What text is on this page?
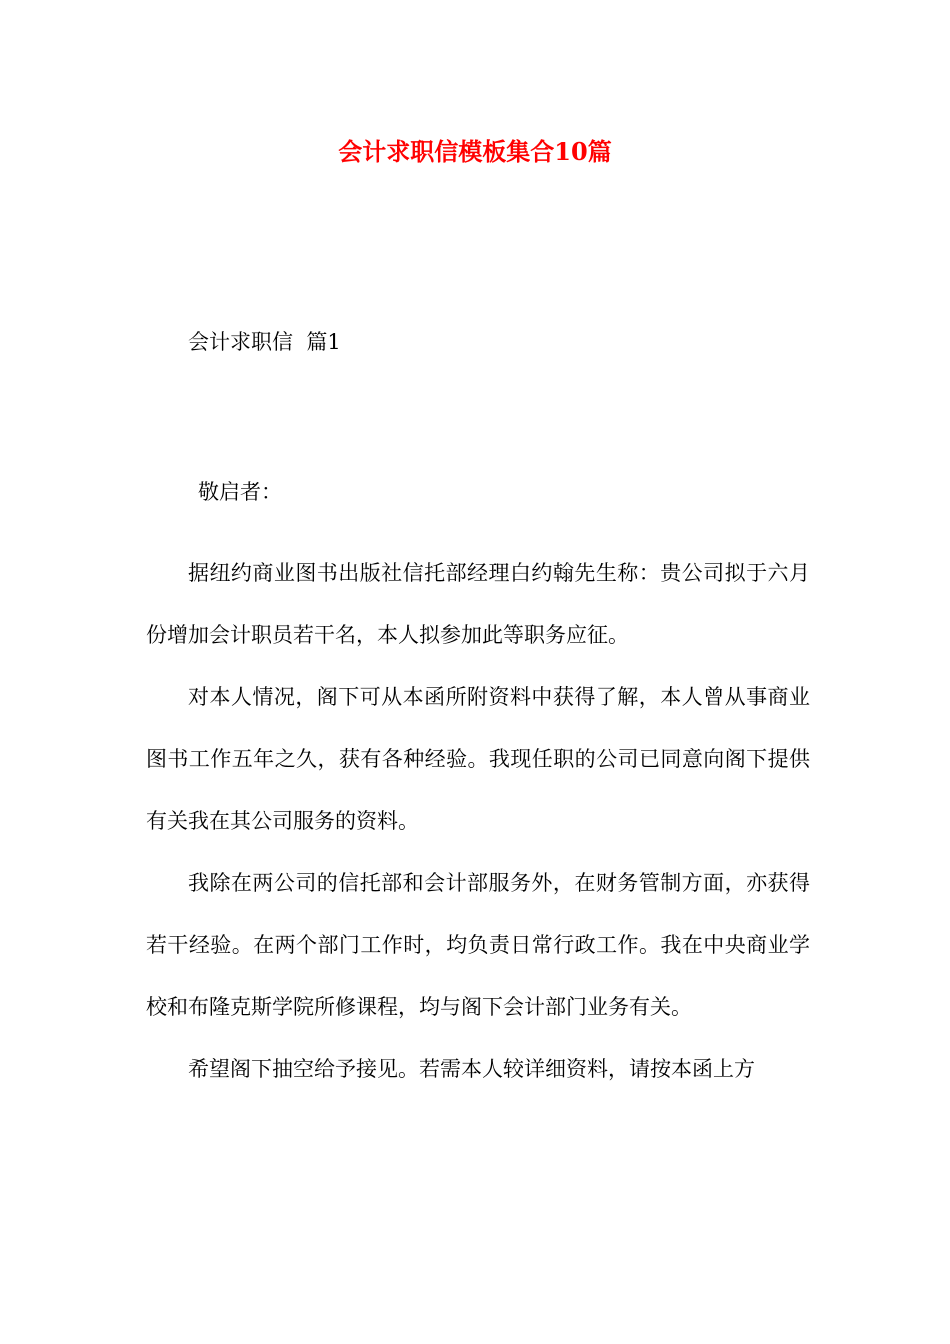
会计求职信模板集合10篇
会计求职信  篇1
敬启者：

据纽约商业图书出版社信托部经理白约翰先生称：贵公司拟于六月份增加会计职员若干名，本人拟参加此等职务应征。

对本人情况，阁下可从本函所附资料中获得了解，本人曾从事商业图书工作五年之久，获有各种经验。我现任职的公司已同意向阁下提供有关我在其公司服务的资料。

我除在两公司的信托部和会计部服务外，在财务管制方面，亦获得若干经验。在两个部门工作时，均负责日常行政工作。我在中央商业学校和布隆克斯学院所修课程，均与阁下会计部门业务有关。

希望阁下抽空给予接见。若需本人较详细资料，请按本函上方
